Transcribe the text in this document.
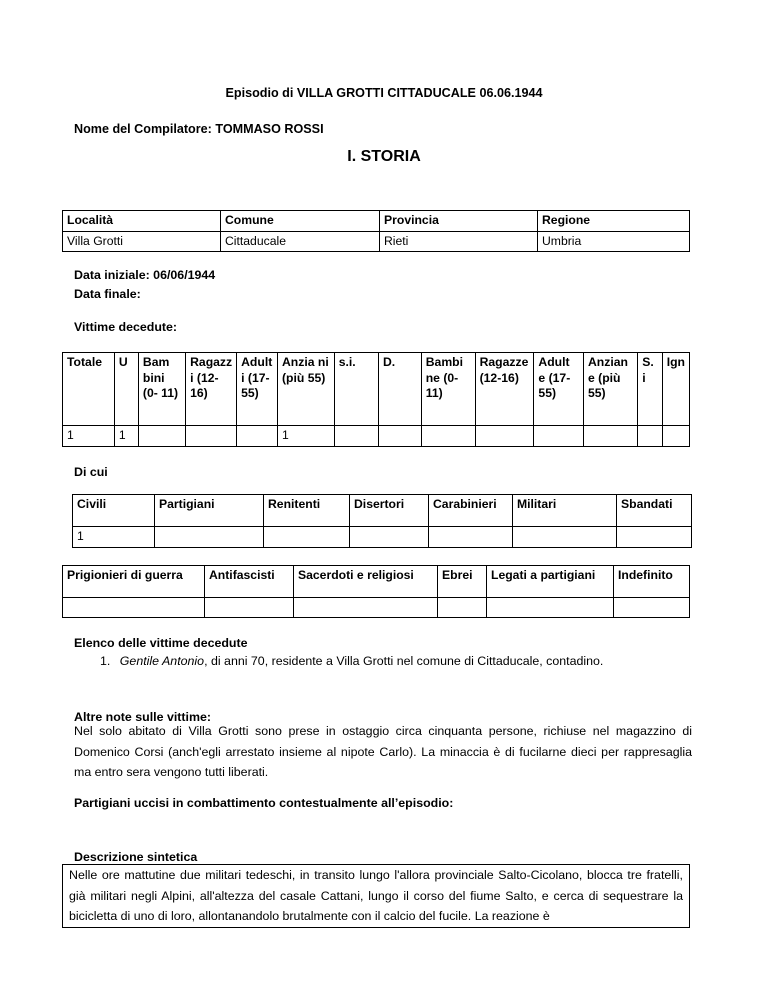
Episodio di VILLA GROTTI CITTADUCALE 06.06.1944
Nome del Compilatore: TOMMASO ROSSI
I. STORIA
Località	Comune	Provincia	Regione
Villa Grotti	Cittaducale	Rieti	Umbria
Data iniziale: 06/06/1944
Data finale:
Vittime decedute:
Totale	U	Bam bini (0- 11)	Ragazz i (12- 16)	Adult i (17- 55)	Anzia ni (più 55)	s.i.	D.	Bambi ne (0- 11)	Ragazze (12-16)	Adult e (17- 55)	Anzian e (più 55)	S. i	Ign
1	1				1								
Di cui
Civili	Partigiani	Renitenti	Disertori	Carabinieri	Militari	Sbandati
1						
Prigionieri di guerra	Antifascisti	Sacerdoti e religiosi	Ebrei	Legati a partigiani	Indefinito

Elenco delle vittime decedute
1. Gentile Antonio, di anni 70, residente a Villa Grotti nel comune di Cittaducale, contadino.
Altre note sulle vittime:
Nel solo abitato di Villa Grotti sono prese in ostaggio circa cinquanta persone, richiuse nel magazzino di Domenico Corsi (anch'egli arrestato insieme al nipote Carlo). La minaccia è di fucilarne dieci per rappresaglia ma entro sera vengono tutti liberati.
Partigiani uccisi in combattimento contestualmente all’episodio:
Descrizione sintetica
Nelle ore mattutine due militari tedeschi, in transito lungo l'allora provinciale Salto-Cicolano, blocca tre fratelli, già militari negli Alpini, all'altezza del casale Cattani, lungo il corso del fiume Salto, e cerca di sequestrare la bicicletta di uno di loro, allontanandolo brutalmente con il calcio del fucile. La reazione è
